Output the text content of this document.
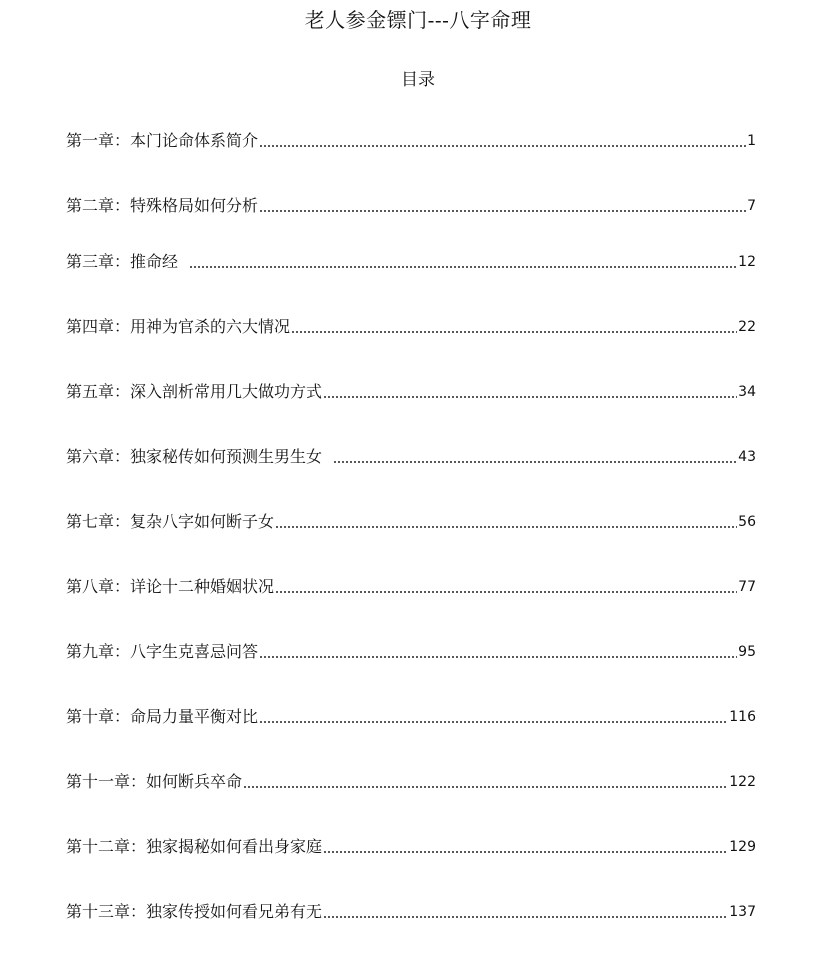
老人参金镖门---八字命理
目录
第一章 ： 本门论命体系简介	1
第二章 ： 特殊格局如何分析	7
第三章 ： 推命经	12
第四章 ： 用神为官杀的六大情况	22
第五章 ： 深入剖析常用几大做功方式	34
第六章 ： 独家秘传如何预测生男生女	43
第七章 ： 复杂八字如何断子女	56
第八章 ： 详论十二种婚姻状况	77
第九章 ： 八字生克喜忌问答	95
第十章 ： 命局力量平衡对比	116
第十一章 ： 如何断兵卒命	122
第十二章 ： 独家揭秘如何看出身家庭	129
第十三章 ： 独家传授如何看兄弟有无	137
